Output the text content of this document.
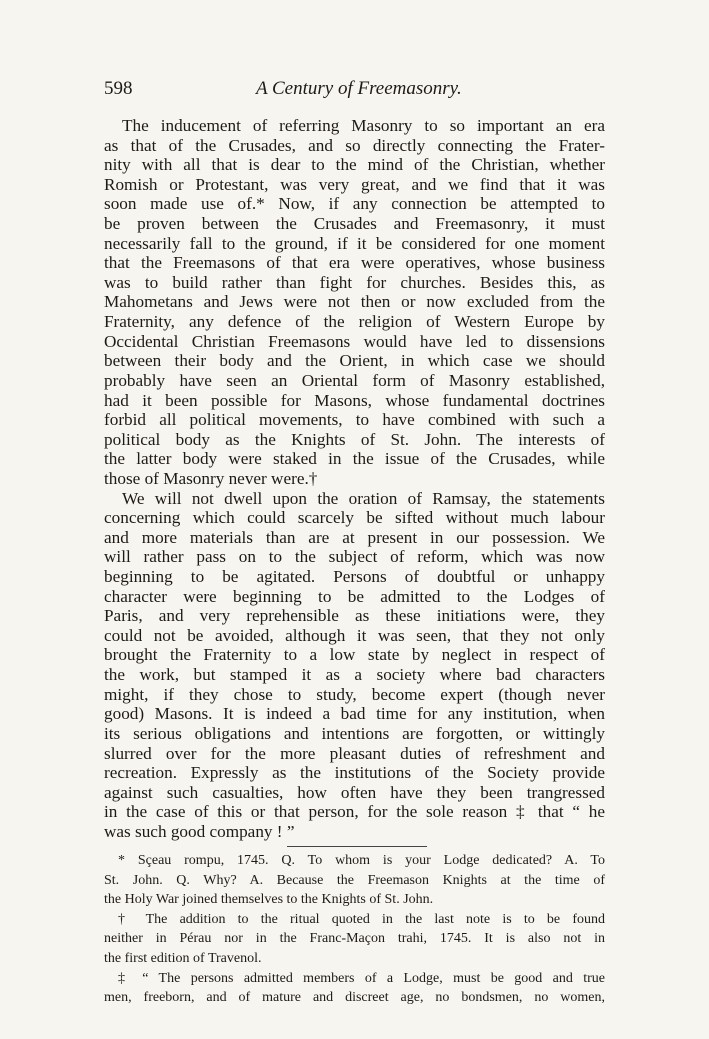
598	A Century of Freemasonry.
The inducement of referring Masonry to so important an era
as that of the Crusades, and so directly connecting the Frater-
nity with all that is dear to the mind of the Christian, whether
Romish or Protestant, was very great, and we find that it was
soon made use of.* Now, if any connection be attempted to
be proven between the Crusades and Freemasonry, it must
necessarily fall to the ground, if it be considered for one moment
that the Freemasons of that era were operatives, whose business
was to build rather than fight for churches. Besides this, as
Mahometans and Jews were not then or now excluded from the
Fraternity, any defence of the religion of Western Europe by
Occidental Christian Freemasons would have led to dissensions
between their body and the Orient, in which case we should
probably have seen an Oriental form of Masonry established,
had it been possible for Masons, whose fundamental doctrines
forbid all political movements, to have combined with such a
political body as the Knights of St. John. The interests of
the latter body were staked in the issue of the Crusades, while
those of Masonry never were.†
We will not dwell upon the oration of Ramsay, the statements
concerning which could scarcely be sifted without much labour
and more materials than are at present in our possession. We
will rather pass on to the subject of reform, which was now
beginning to be agitated. Persons of doubtful or unhappy
character were beginning to be admitted to the Lodges of
Paris, and very reprehensible as these initiations were, they
could not be avoided, although it was seen, that they not only
brought the Fraternity to a low state by neglect in respect of
the work, but stamped it as a society where bad characters
might, if they chose to study, become expert (though never
good) Masons. It is indeed a bad time for any institution, when
its serious obligations and intentions are forgotten, or wittingly
slurred over for the more pleasant duties of refreshment and
recreation. Expressly as the institutions of the Society provide
against such casualties, how often have they been trangressed
in the case of this or that person, for the sole reason ‡ that “ he
was such good company ! ”
* Sçeau rompu, 1745. Q. To whom is your Lodge dedicated? A. To
St. John. Q. Why? A. Because the Freemason Knights at the time of
the Holy War joined themselves to the Knights of St. John.
† The addition to the ritual quoted in the last note is to be found
neither in Pérau nor in the Franc-Maçon trahi, 1745. It is also not in
the first edition of Travenol.
‡ “ The persons admitted members of a Lodge, must be good and true
men, freeborn, and of mature and discreet age, no bondsmen, no women,
